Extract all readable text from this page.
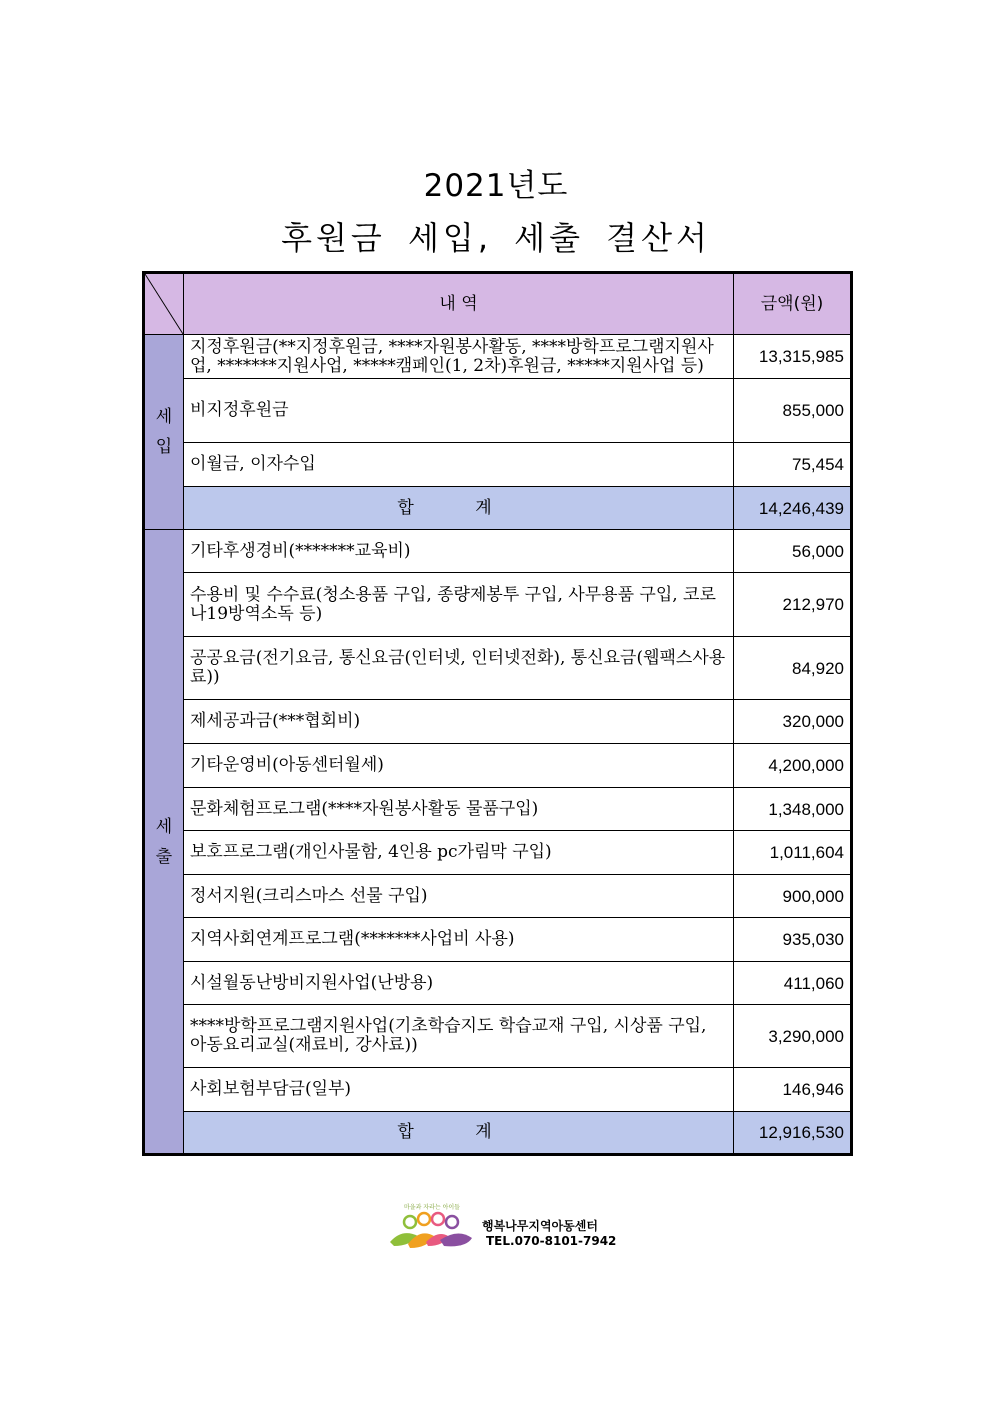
2021년도
후원금 세입, 세출 결산서
	내 역	금액(원)

세
입	지정후원금(**지정후원금, ****자원봉사활동, ****방학프로그램지원사업, *******지원사업, *****캠페인(1, 2차)후원금, *****지원사업 등)	13,315,985
	비지정후원금	855,000
	이월금, 이자수입	75,454
	합 계	14,246,439

세
출	기타후생경비(*******교육비)	56,000
	수용비 및 수수료(청소용품 구입, 종량제봉투 구입, 사무용품 구입, 코로나19방역소독 등)	212,970
	공공요금(전기요금, 통신요금(인터넷, 인터넷전화), 통신요금(웹팩스사용료))	84,920
	제세공과금(***협회비)	320,000
	기타운영비(아동센터월세)	4,200,000
	문화체험프로그램(****자원봉사활동 물품구입)	1,348,000
	보호프로그램(개인사물함, 4인용 pc가림막 구입)	1,011,604
	정서지원(크리스마스 선물 구입)	900,000
	지역사회연계프로그램(*******사업비 사용)	935,030
	시설월동난방비지원사업(난방용)	411,060
	****방학프로그램지원사업(기초학습지도 학습교재 구입, 시상품 구입, 아동요리교실(재료비, 강사료))	3,290,000
	사회보험부담금(일부)	146,946
	합 계	12,916,530
마을과 자라는 아이들
행복나무지역아동센터
TEL.070-8101-7942
